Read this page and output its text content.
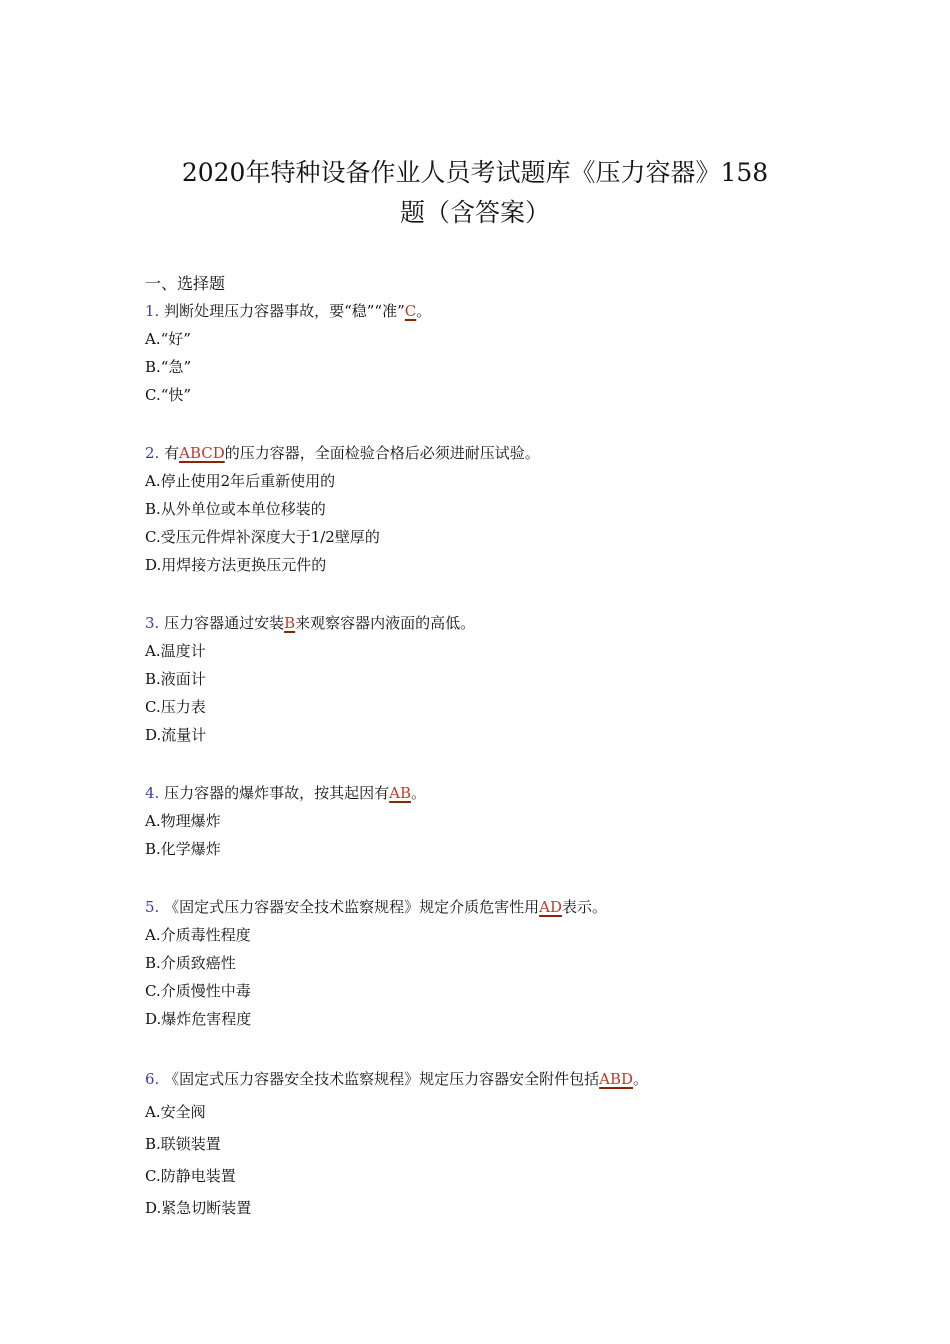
2020年特种设备作业人员考试题库《压力容器》158
题（含答案）
一、选择题
1. 判断处理压力容器事故，要“稳”“准”C。
A.“好”
B.“急”
C.“快”
2. 有ABCD的压力容器，全面检验合格后必须进耐压试验。
A.停止使用2年后重新使用的
B.从外单位或本单位移装的
C.受压元件焊补深度大于1/2壁厚的
D.用焊接方法更换压元件的
3. 压力容器通过安装B来观察容器内液面的高低。
A.温度计
B.液面计
C.压力表
D.流量计
4. 压力容器的爆炸事故，按其起因有AB。
A.物理爆炸
B.化学爆炸
5. 《固定式压力容器安全技术监察规程》规定介质危害性用AD表示。
A.介质毒性程度
B.介质致癌性
C.介质慢性中毒
D.爆炸危害程度
6. 《固定式压力容器安全技术监察规程》规定压力容器安全附件包括ABD。
A.安全阀
B.联锁装置
C.防静电装置
D.紧急切断装置
